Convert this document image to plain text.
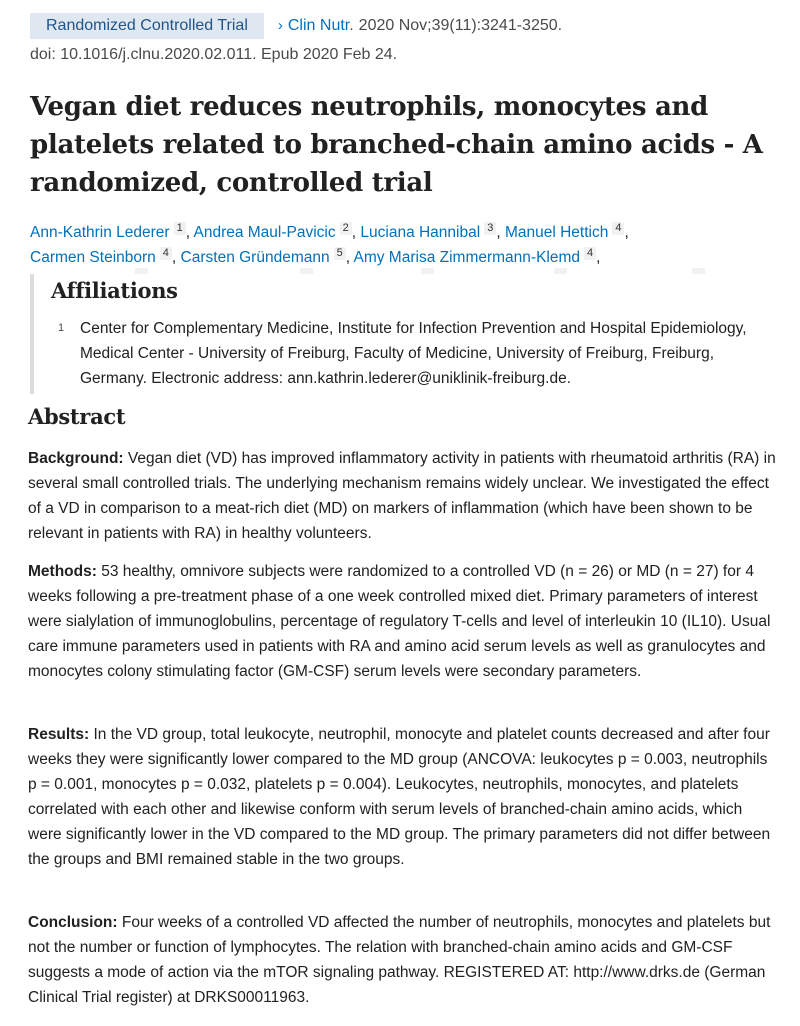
Randomized Controlled Trial	› Clin Nutr. 2020 Nov;39(11):3241-3250.
doi: 10.1016/j.clnu.2020.02.011. Epub 2020 Feb 24.
Vegan diet reduces neutrophils, monocytes and platelets related to branched-chain amino acids - A randomized, controlled trial
Ann-Kathrin Lederer 1 , Andrea Maul-Pavicic 2 , Luciana Hannibal 3 , Manuel Hettich 4 ,
Carmen Steinborn 4 , Carsten Gründemann 5 , Amy Marisa Zimmermann-Klemd 4 ,
Affiliations
1	Center for Complementary Medicine, Institute for Infection Prevention and Hospital Epidemiology, Medical Center - University of Freiburg, Faculty of Medicine, University of Freiburg, Freiburg, Germany. Electronic address: ann.kathrin.lederer@uniklinik-freiburg.de.
Abstract

Background: Vegan diet (VD) has improved inflammatory activity in patients with rheumatoid arthritis (RA) in several small controlled trials. The underlying mechanism remains widely unclear. We investigated the effect of a VD in comparison to a meat-rich diet (MD) on markers of inflammation (which have been shown to be relevant in patients with RA) in healthy volunteers.

Methods: 53 healthy, omnivore subjects were randomized to a controlled VD (n = 26) or MD (n = 27) for 4 weeks following a pre-treatment phase of a one week controlled mixed diet. Primary parameters of interest were sialylation of immunoglobulins, percentage of regulatory T-cells and level of interleukin 10 (IL10). Usual care immune parameters used in patients with RA and amino acid serum levels as well as granulocytes and monocytes colony stimulating factor (GM-CSF) serum levels were secondary parameters.

Results: In the VD group, total leukocyte, neutrophil, monocyte and platelet counts decreased and after four weeks they were significantly lower compared to the MD group (ANCOVA: leukocytes p = 0.003, neutrophils p = 0.001, monocytes p = 0.032, platelets p = 0.004). Leukocytes, neutrophils, monocytes, and platelets correlated with each other and likewise conform with serum levels of branched-chain amino acids, which were significantly lower in the VD compared to the MD group. The primary parameters did not differ between the groups and BMI remained stable in the two groups.

Conclusion: Four weeks of a controlled VD affected the number of neutrophils, monocytes and platelets but not the number or function of lymphocytes. The relation with branched-chain amino acids and GM-CSF suggests a mode of action via the mTOR signaling pathway. REGISTERED AT: http://www.drks.de (German Clinical Trial register) at DRKS00011963.
